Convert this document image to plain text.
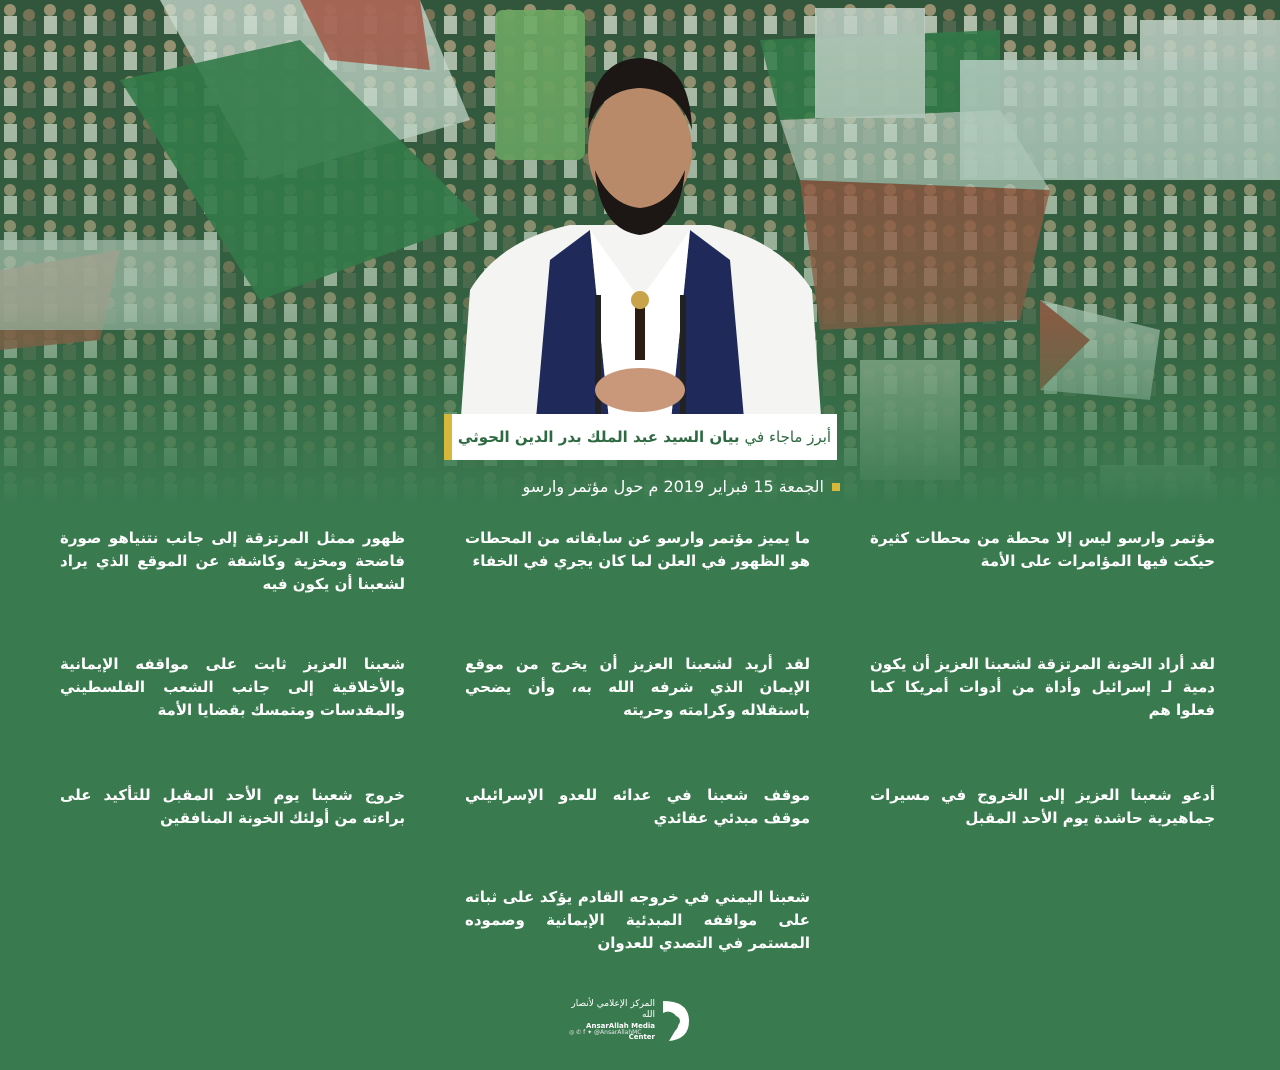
أبرز ماجاء في
بيان السيد عبد الملك بدر الدين الحوثي
الجمعة 15 فبراير 2019 م حول مؤتمر وارسو
مؤتمر وارسو ليس إلا محطة من محطات كثيرة حيكت فيها المؤامرات على الأمة
ما يميز مؤتمر وارسو عن سابقاته من المحطات هو الظهور في العلن لما كان يجري في الخفاء
ظهور ممثل المرتزقة إلى جانب نتنياهو صورة فاضحة ومخزية وكاشفة عن الموقع الذي يراد لشعبنا أن يكون فيه
لقد أراد الخونة المرتزقة لشعبنا العزيز أن يكون دمية لـ إسرائيل وأداة من أدوات أمريكا كما فعلوا هم
لقد أريد لشعبنا العزيز أن يخرج من موقع الإيمان الذي شرفه الله به، وأن يضحي باستقلاله وكرامته وحريته
شعبنا العزيز ثابت على مواقفه الإيمانية والأخلاقية إلى جانب الشعب الفلسطيني والمقدسات ومتمسك بقضايا الأمة
أدعو شعبنا العزيز إلى الخروج في مسيرات جماهيرية حاشدة يوم الأحد المقبل
موقف شعبنا في عدائه للعدو الإسرائيلي موقف مبدئي عقائدي
خروج شعبنا يوم الأحد المقبل للتأكيد على براءته من أولئك الخونة المنافقين
شعبنا اليمني في خروجه القادم يؤكد على ثباته على مواقفه المبدئية الإيمانية وصموده المستمر في التصدي للعدوان
المركز الإعلامي لأنصار الله
AnsarAllah Media Center
◎ ✆ f ✦ @AnsarAllahMC
